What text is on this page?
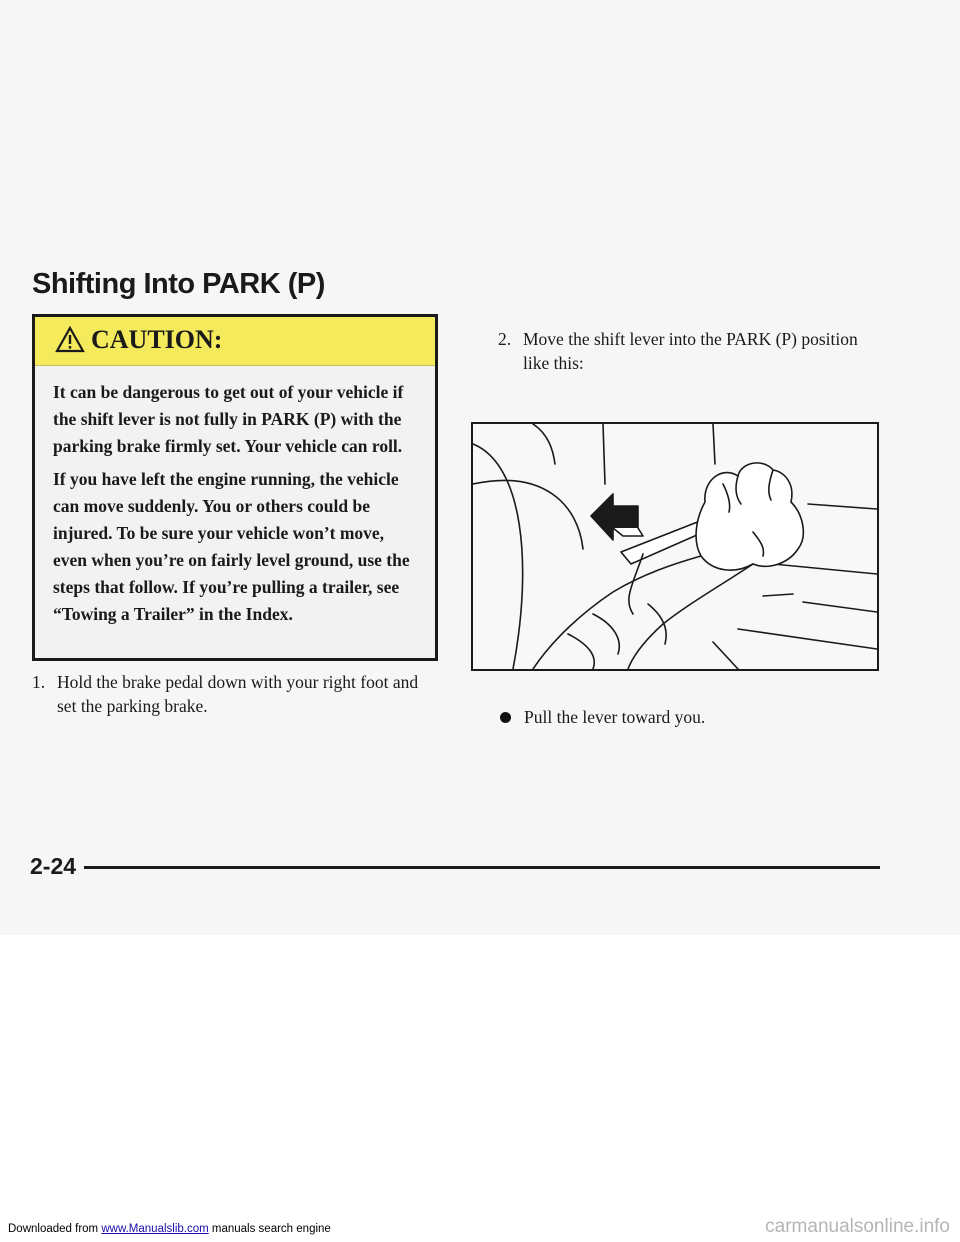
Shifting Into PARK (P)
CAUTION:

It can be dangerous to get out of your vehicle if the shift lever is not fully in PARK (P) with the parking brake firmly set. Your vehicle can roll.

If you have left the engine running, the vehicle can move suddenly. You or others could be injured. To be sure your vehicle won’t move, even when you’re on fairly level ground, use the steps that follow. If you’re pulling a trailer, see “Towing a Trailer” in the Index.

1. Hold the brake pedal down with your right foot and set the parking brake.
2. Move the shift lever into the PARK (P) position like this:
Pull the lever toward you.
2-24
Downloaded from www.Manualslib.com manuals search engine	carmanualsonline.info
